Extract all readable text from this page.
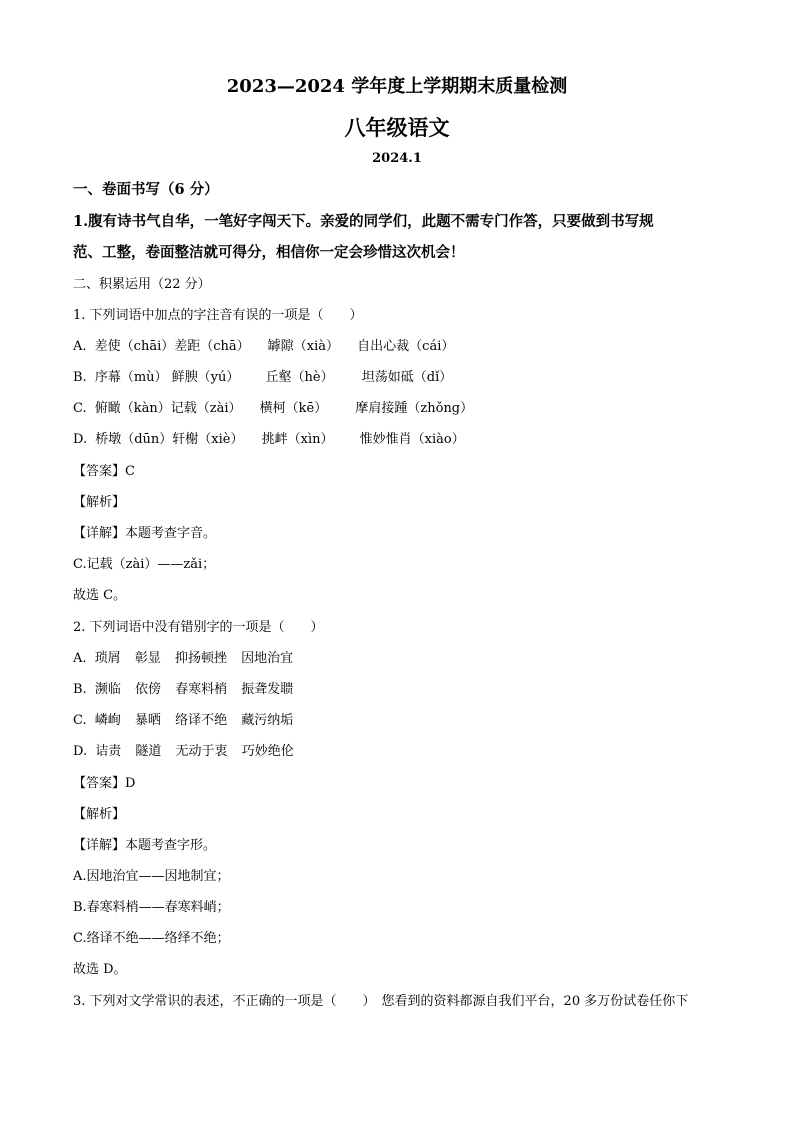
2023—2024 学年度上学期期末质量检测
八年级语文
2024.1
一、卷面书写（6 分）
1.腹有诗书气自华，一笔好字闯天下。亲爱的同学们，此题不需专门作答，只要做到书写规
范、工整，卷面整洁就可得分，相信你一定会珍惜这次机会！
二、积累运用（22 分）
1. 下列词语中加点的字注音有误的一项是（　　）
A. 差使（chāi）差距（chā） 罅隙（xià） 自出心裁（cái）
B. 序幕（mù） 鲜腴（yú） 丘壑（hè） 坦荡如砥（dǐ）
C. 俯瞰（kàn）记载（zài） 横柯（kē） 摩肩接踵（zhǒng）
D. 桥墩（dūn）轩榭（xiè） 挑衅（xìn） 惟妙惟肖（xiào）
【答案】C
【解析】
【详解】本题考查字音。
C.记载（zài）——zǎi；
故选 C。
2. 下列词语中没有错别字的一项是（　　）
A. 琐屑 彰显 抑扬顿挫 因地治宜
B. 濒临 依傍 春寒料梢 振聋发聩
C. 嶙峋 暴晒 络译不绝 藏污纳垢
D. 诘责 隧道 无动于衷 巧妙绝伦
【答案】D
【解析】
【详解】本题考查字形。
A.因地治宜——因地制宜；
B.春寒料梢——春寒料峭；
C.络译不绝——络绎不绝；
故选 D。
3. 下列对文学常识的表述，不正确的一项是（　　） 您看到的资料都源自我们平台，20 多万份试卷任你下
